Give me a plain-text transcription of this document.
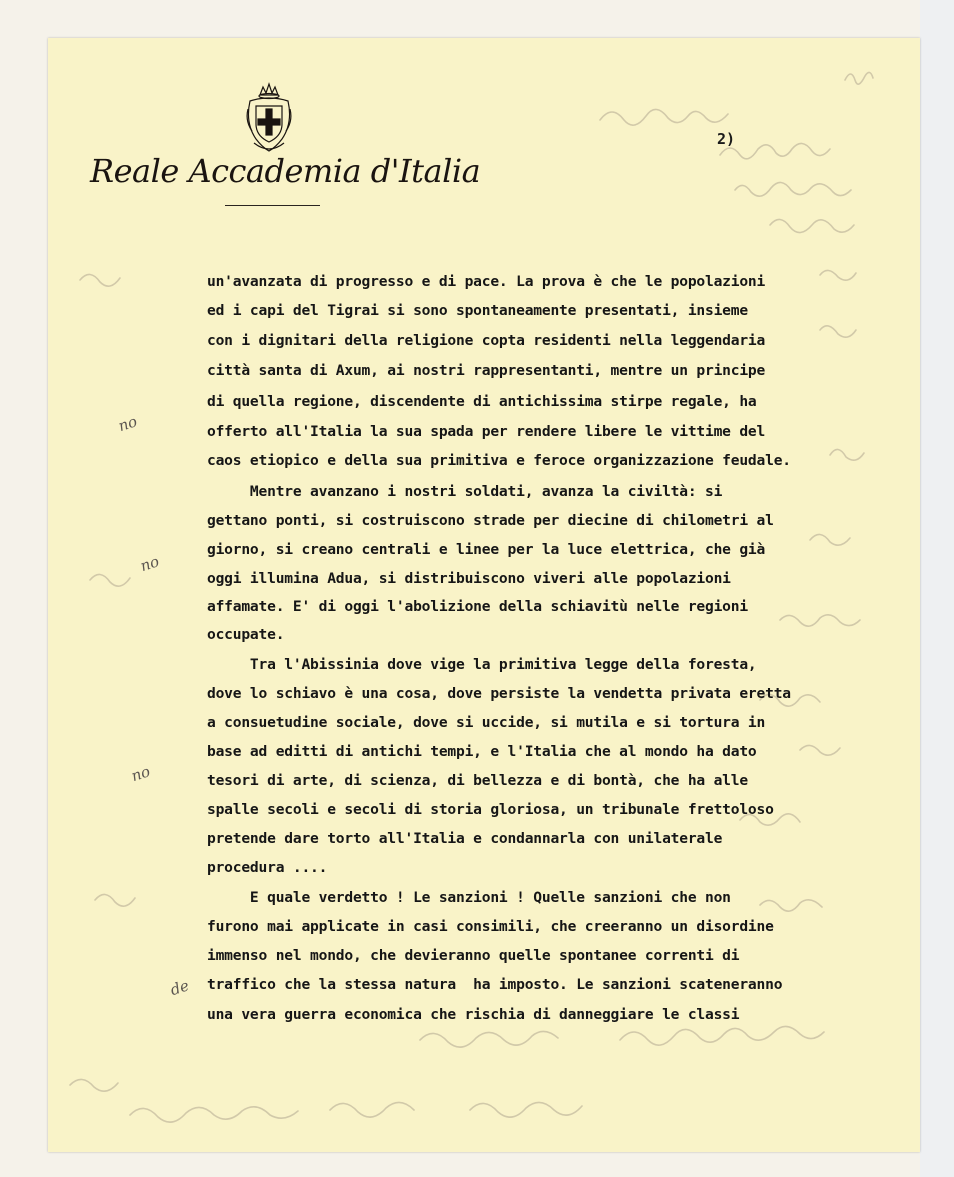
Reale Accademia d'Italia
2)
un'avanzata di progresso e di pace. La prova è che le popolazioni
ed i capi del Tigrai si sono spontaneamente presentati, insieme
con i dignitari della religione copta residenti nella leggendaria
città santa di Axum, ai nostri rappresentanti, mentre un principe
di quella regione, discendente di antichissima stirpe regale, ha
offerto all'Italia la sua spada per rendere libere le vittime del
caos etiopico e della sua primitiva e feroce organizzazione feudale.
Mentre avanzano i nostri soldati, avanza la civiltà: si
gettano ponti, si costruiscono strade per diecine di chilometri al
giorno, si creano centrali e linee per la luce elettrica, che già
oggi illumina Adua, si distribuiscono viveri alle popolazioni
affamate. E' di oggi l'abolizione della schiavitù nelle regioni
occupate.
Tra l'Abissinia dove vige la primitiva legge della foresta,
dove lo schiavo è una cosa, dove persiste la vendetta privata eretta
a consuetudine sociale, dove si uccide, si mutila e si tortura in
base ad editti di antichi tempi, e l'Italia che al mondo ha dato
tesori di arte, di scienza, di bellezza e di bontà, che ha alle
spalle secoli e secoli di storia gloriosa, un tribunale frettoloso
pretende dare torto all'Italia e condannarla con unilaterale
procedura ....
E quale verdetto ! Le sanzioni ! Quelle sanzioni che non
furono mai applicate in casi consimili, che creeranno un disordine
immenso nel mondo, che devieranno quelle spontanee correnti di
traffico che la stessa natura  ha imposto. Le sanzioni scateneranno
una vera guerra economica che rischia di danneggiare le classi
no
no
no
de
